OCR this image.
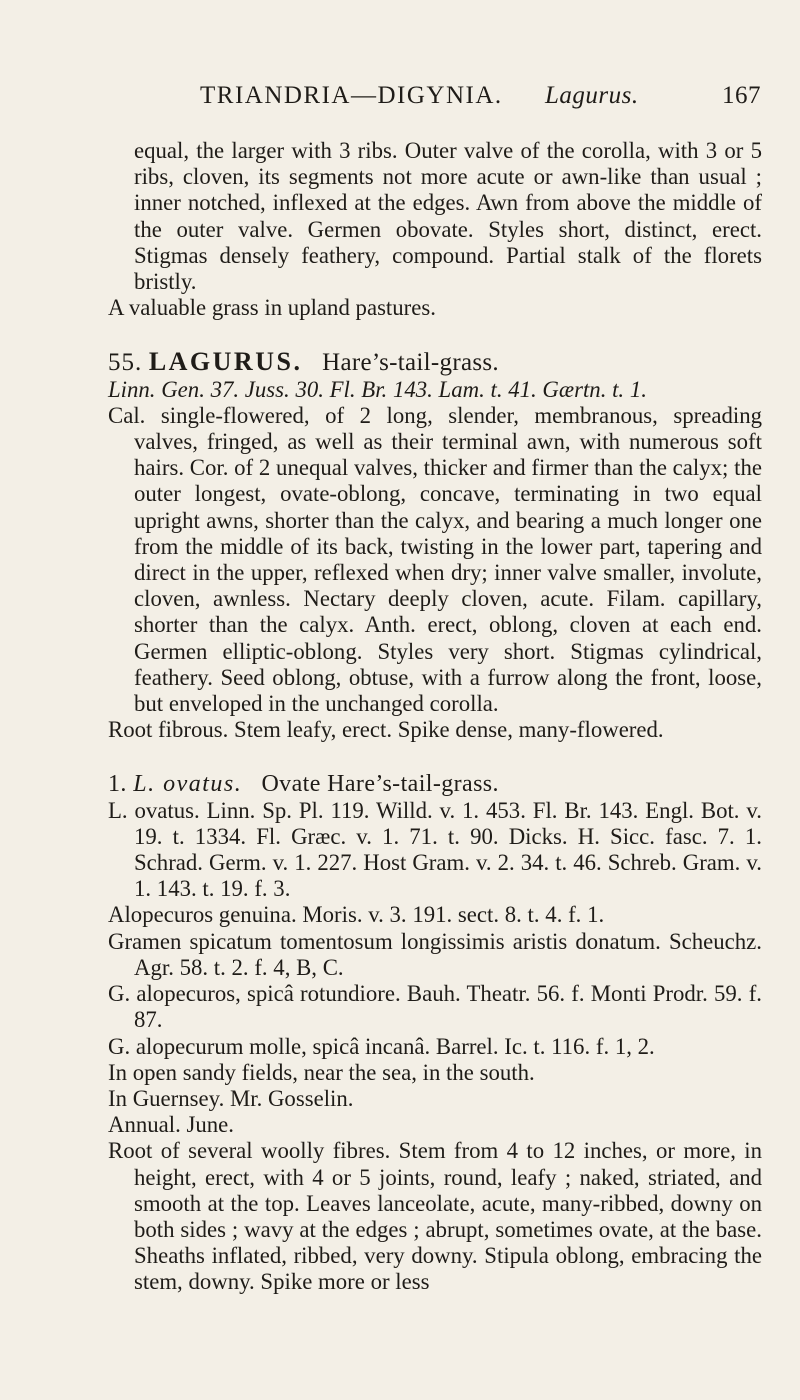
TRIANDRIA—DIGYNIA. Lagurus.	167

equal, the larger with 3 ribs. Outer valve of the corolla, with 3 or 5 ribs, cloven, its segments not more acute or awn-like than usual ; inner notched, inflexed at the edges. Awn from above the middle of the outer valve. Germen obovate. Styles short, distinct, erect. Stigmas densely feathery, compound. Partial stalk of the florets bristly.

A valuable grass in upland pastures.

55. LAGURUS. Hare’s-tail-grass.

Linn. Gen. 37. Juss. 30. Fl. Br. 143. Lam. t. 41. Gærtn. t. 1.

Cal. single-flowered, of 2 long, slender, membranous, spreading valves, fringed, as well as their terminal awn, with numerous soft hairs. Cor. of 2 unequal valves, thicker and firmer than the calyx; the outer longest, ovate-oblong, concave, terminating in two equal upright awns, shorter than the calyx, and bearing a much longer one from the middle of its back, twisting in the lower part, tapering and direct in the upper, reflexed when dry; inner valve smaller, involute, cloven, awnless. Nectary deeply cloven, acute. Filam. capillary, shorter than the calyx. Anth. erect, oblong, cloven at each end. Germen elliptic-oblong. Styles very short. Stigmas cylindrical, feathery. Seed oblong, obtuse, with a furrow along the front, loose, but enveloped in the unchanged corolla.

Root fibrous. Stem leafy, erect. Spike dense, many-flowered.

1. L. ovatus. Ovate Hare’s-tail-grass.

L. ovatus. Linn. Sp. Pl. 119. Willd. v. 1. 453. Fl. Br. 143. Engl. Bot. v. 19. t. 1334. Fl. Græc. v. 1. 71. t. 90. Dicks. H. Sicc. fasc. 7. 1. Schrad. Germ. v. 1. 227. Host Gram. v. 2. 34. t. 46. Schreb. Gram. v. 1. 143. t. 19. f. 3.

Alopecuros genuina. Moris. v. 3. 191. sect. 8. t. 4. f. 1.

Gramen spicatum tomentosum longissimis aristis donatum. Scheuchz. Agr. 58. t. 2. f. 4, B, C.

G. alopecuros, spicâ rotundiore. Bauh. Theatr. 56. f. Monti Prodr. 59. f. 87.

G. alopecurum molle, spicâ incanâ. Barrel. Ic. t. 116. f. 1, 2.

In open sandy fields, near the sea, in the south.

In Guernsey. Mr. Gosselin.

Annual. June.

Root of several woolly fibres. Stem from 4 to 12 inches, or more, in height, erect, with 4 or 5 joints, round, leafy ; naked, striated, and smooth at the top. Leaves lanceolate, acute, many-ribbed, downy on both sides ; wavy at the edges ; abrupt, sometimes ovate, at the base. Sheaths inflated, ribbed, very downy. Stipula oblong, embracing the stem, downy. Spike more or less
